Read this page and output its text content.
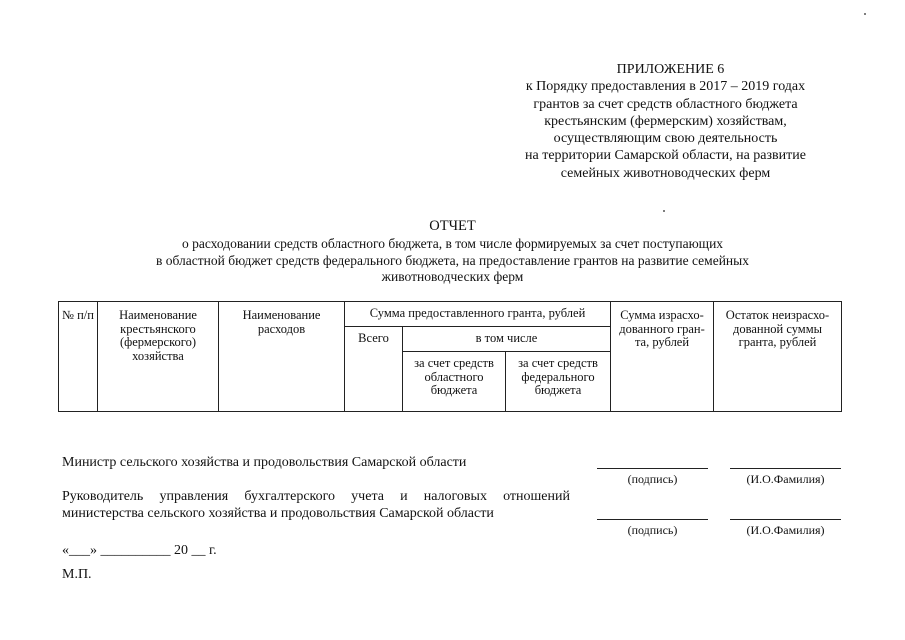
ПРИЛОЖЕНИЕ 6
к Порядку предоставления в 2017 – 2019 годах
грантов за счет средств областного бюджета
крестьянским (фермерским) хозяйствам,
осуществляющим свою деятельность
на территории Самарской области, на развитие
семейных животноводческих ферм
ОТЧЕТ
о расходовании средств областного бюджета, в том числе формируемых за счет поступающих
в областной бюджет средств федерального бюджета, на предоставление грантов на развитие семейных
животноводческих ферм
№ п/п	Наименование крестьянского (фермерского) хозяйства	Наименование расходов	Сумма предоставленного гранта, рублей			Сумма израсхо-дованного гран-та, рублей	Остаток неизрасхо-дованной суммы гранта, рублей
			Всего	в том числе			
				за счет средств областного бюджета	за счет средств федерального бюджета		
Министр сельского хозяйства и продовольствия Самарской области
(подпись)	(И.О.Фамилия)
Руководитель управления бухгалтерского учета и налоговых отношений
министерства сельского хозяйства и продовольствия Самарской области
(подпись)	(И.О.Фамилия)
«___» __________ 20 __ г.
М.П.
